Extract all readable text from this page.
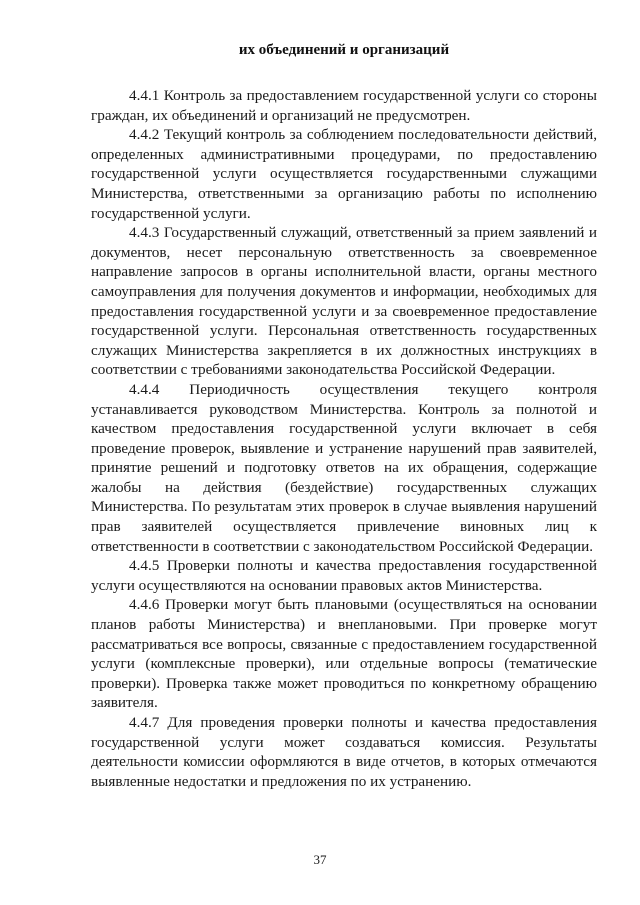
их объединений и организаций

4.4.1 Контроль за предоставлением государственной услуги со стороны граждан, их объединений и организаций не предусмотрен.

4.4.2 Текущий контроль за соблюдением последовательности действий, определенных административными процедурами, по предоставлению государственной услуги осуществляется государственными служащими Министерства, ответственными за организацию работы по исполнению государственной услуги.

4.4.3 Государственный служащий, ответственный за прием заявлений и документов, несет персональную ответственность за своевременное направление запросов в органы исполнительной власти, органы местного самоуправления для получения документов и информации, необходимых для предоставления государственной услуги и за своевременное предоставление государственной услуги. Персональная ответственность государственных служащих Министерства закрепляется в их должностных инструкциях в соответствии с требованиями законодательства Российской Федерации.

4.4.4 Периодичность осуществления текущего контроля устанавливается руководством Министерства. Контроль за полнотой и качеством предоставления государственной услуги включает в себя проведение проверок, выявление и устранение нарушений прав заявителей, принятие решений и подготовку ответов на их обращения, содержащие жалобы на действия (бездействие) государственных служащих Министерства. По результатам этих проверок в случае выявления нарушений прав заявителей осуществляется привлечение виновных лиц к ответственности в соответствии с законодательством Российской Федерации.

4.4.5 Проверки полноты и качества предоставления государственной услуги осуществляются на основании правовых актов Министерства.

4.4.6 Проверки могут быть плановыми (осуществляться на основании планов работы Министерства) и внеплановыми. При проверке могут рассматриваться все вопросы, связанные с предоставлением государственной услуги (комплексные проверки), или отдельные вопросы (тематические проверки). Проверка также может проводиться по конкретному обращению заявителя.

4.4.7 Для проведения проверки полноты и качества предоставления государственной услуги может создаваться комиссия. Результаты деятельности комиссии оформляются в виде отчетов, в которых отмечаются выявленные недостатки и предложения по их устранению.

37
